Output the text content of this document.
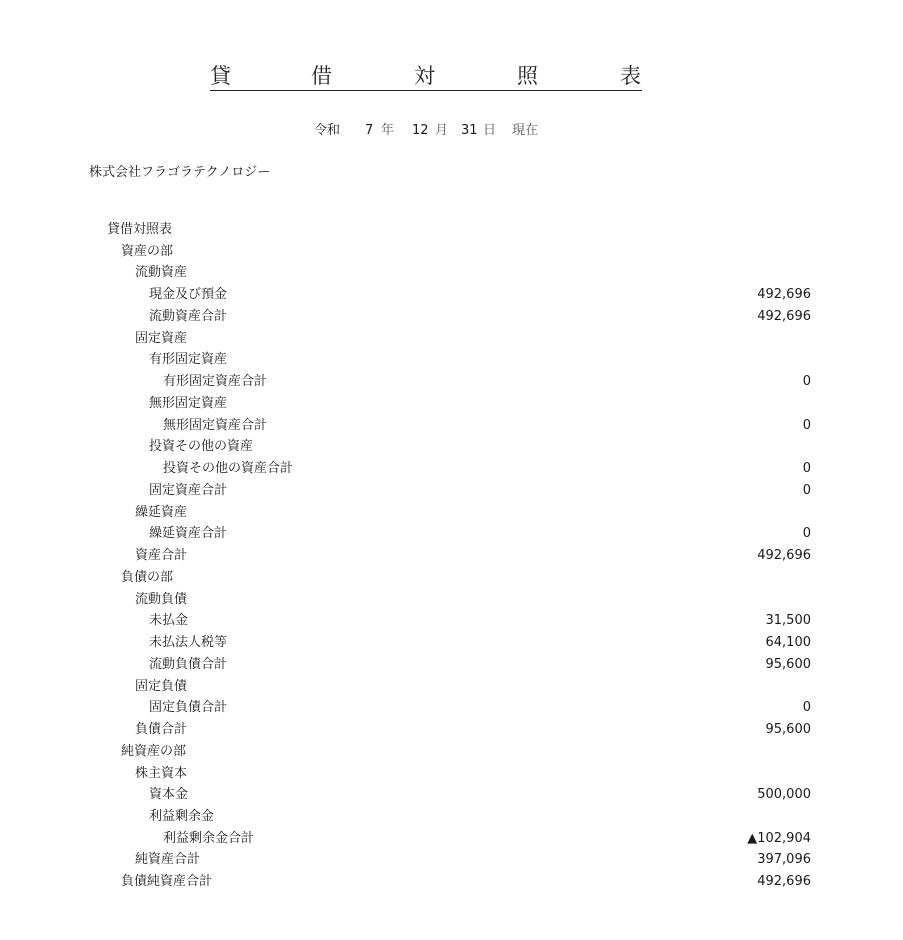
貸	借	対	照	表
令和 7 年 12 月 31 日 現在
株式会社フラゴラテクノロジー
貸借対照表
資産の部
流動資産
現金及び預金	492,696
流動資産合計	492,696
固定資産
有形固定資産
有形固定資産合計	0
無形固定資産
無形固定資産合計	0
投資その他の資産
投資その他の資産合計	0
固定資産合計	0
繰延資産
繰延資産合計	0
資産合計	492,696
負債の部
流動負債
未払金	31,500
未払法人税等	64,100
流動負債合計	95,600
固定負債
固定負債合計	0
負債合計	95,600
純資産の部
株主資本
資本金	500,000
利益剰余金
利益剰余金合計	▲102,904
純資産合計	397,096
負債純資産合計	492,696
